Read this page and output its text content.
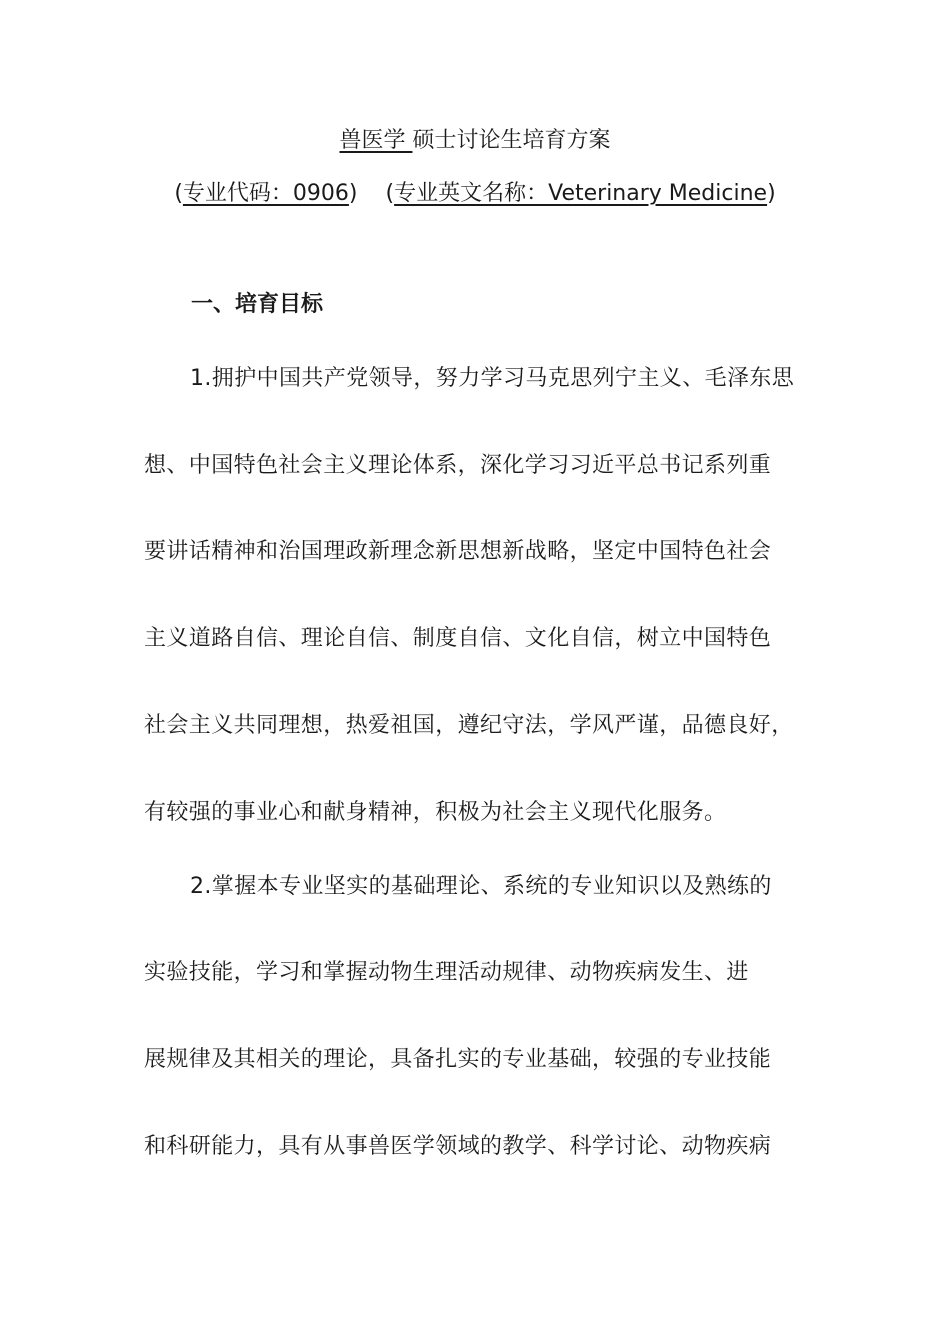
兽医学 硕士讨论生培育方案
(专业代码：0906) (专业英文名称：Veterinary Medicine)
一、培育目标
1.拥护中国共产党领导，努力学习马克思列宁主义、毛泽东思
想、中国特色社会主义理论体系，深化学习习近平总书记系列重
要讲话精神和治国理政新理念新思想新战略，坚定中国特色社会
主义道路自信、理论自信、制度自信、文化自信，树立中国特色
社会主义共同理想，热爱祖国，遵纪守法，学风严谨，品德良好，
有较强的事业心和献身精神，积极为社会主义现代化服务。
2.掌握本专业坚实的基础理论、系统的专业知识以及熟练的
实验技能，学习和掌握动物生理活动规律、动物疾病发生、进
展规律及其相关的理论，具备扎实的专业基础，较强的专业技能
和科研能力，具有从事兽医学领域的教学、科学讨论、动物疾病
